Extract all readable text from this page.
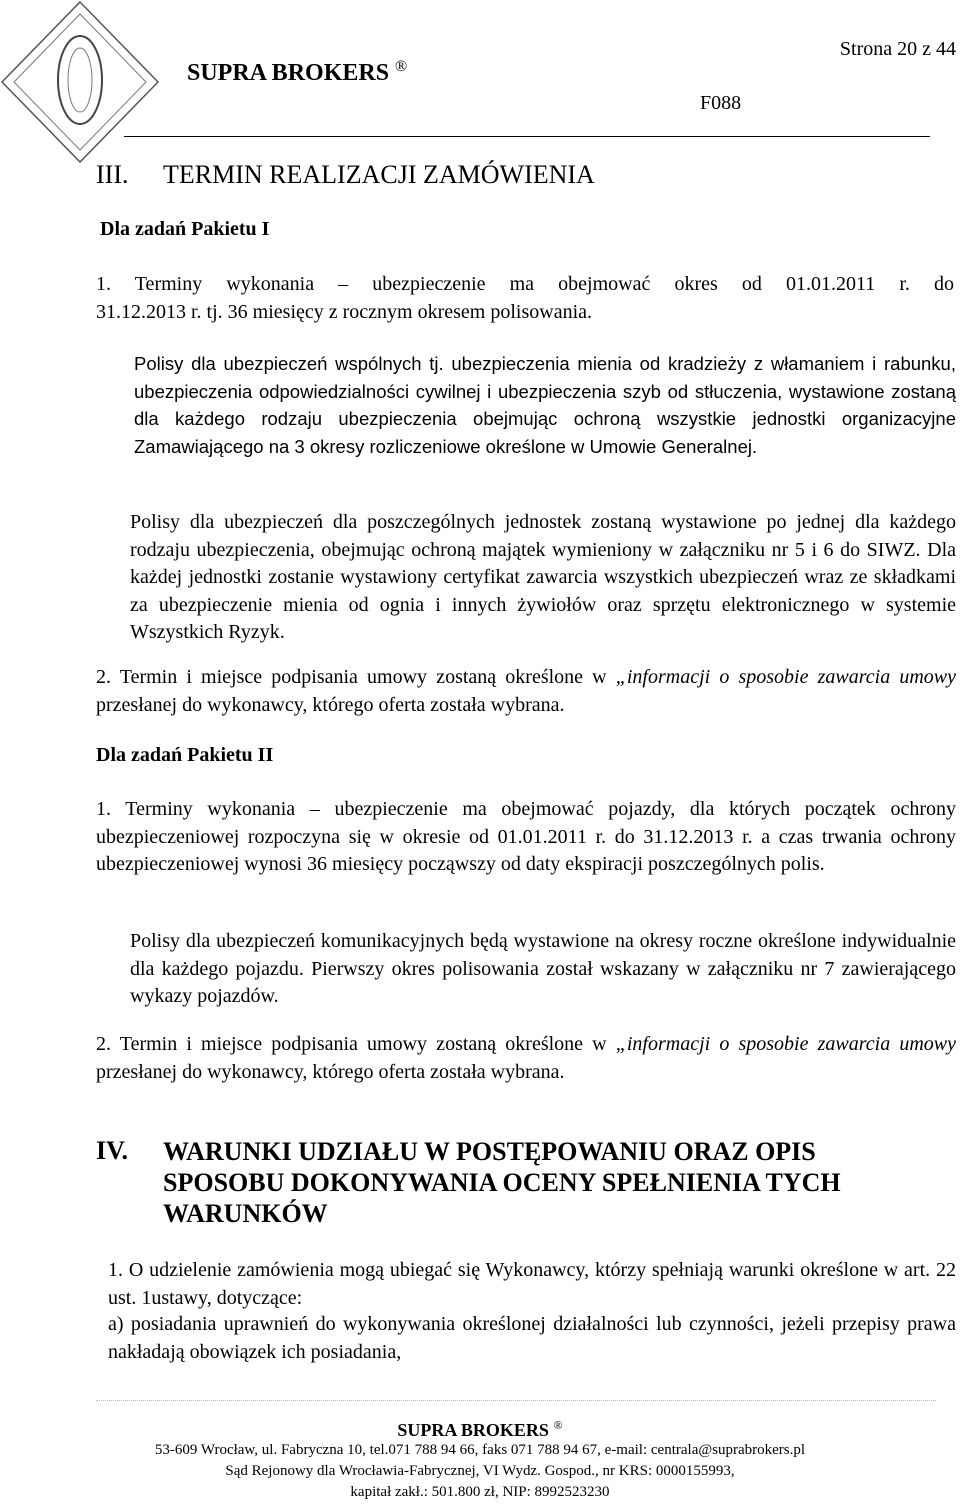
Strona 20 z 44
SUPRA BROKERS ®
F088
III. TERMIN REALIZACJI ZAMÓWIENIA
Dla zadań Pakietu I
1. Terminy wykonania – ubezpieczenie ma obejmować okres od 01.01.2011 r. do
31.12.2013 r. tj. 36 miesięcy z rocznym okresem polisowania.
Polisy dla ubezpieczeń wspólnych tj. ubezpieczenia mienia od kradzieży z włamaniem i rabunku, ubezpieczenia odpowiedzialności cywilnej i ubezpieczenia szyb od stłuczenia, wystawione zostaną dla każdego rodzaju ubezpieczenia obejmując ochroną wszystkie jednostki organizacyjne Zamawiającego na 3 okresy rozliczeniowe określone w Umowie Generalnej.
Polisy dla ubezpieczeń dla poszczególnych jednostek zostaną wystawione po jednej dla każdego rodzaju ubezpieczenia, obejmując ochroną majątek wymieniony w załączniku nr 5 i 6 do SIWZ. Dla każdej jednostki zostanie wystawiony certyfikat zawarcia wszystkich ubezpieczeń wraz ze składkami za ubezpieczenie mienia od ognia i innych żywiołów oraz sprzętu elektronicznego w systemie Wszystkich Ryzyk.
2. Termin i miejsce podpisania umowy zostaną określone w „informacji o sposobie zawarcia umowy przesłanej do wykonawcy, którego oferta została wybrana.
Dla zadań Pakietu II
1. Terminy wykonania – ubezpieczenie ma obejmować pojazdy, dla których początek ochrony ubezpieczeniowej rozpoczyna się w okresie od 01.01.2011 r. do 31.12.2013 r. a czas trwania ochrony ubezpieczeniowej wynosi 36 miesięcy począwszy od daty ekspiracji poszczególnych polis.
Polisy dla ubezpieczeń komunikacyjnych będą wystawione na okresy roczne określone indywidualnie dla każdego pojazdu. Pierwszy okres polisowania został wskazany w załączniku nr 7 zawierającego wykazy pojazdów.
2. Termin i miejsce podpisania umowy zostaną określone w „informacji o sposobie zawarcia umowy przesłanej do wykonawcy, którego oferta została wybrana.
IV. WARUNKI UDZIAŁU W POSTĘPOWANIU ORAZ OPIS
SPOSOBU DOKONYWANIA OCENY SPEŁNIENIA TYCH
WARUNKÓW
1. O udzielenie zamówienia mogą ubiegać się Wykonawcy, którzy spełniają warunki określone w art. 22 ust. 1ustawy, dotyczące:
a) posiadania uprawnień do wykonywania określonej działalności lub czynności, jeżeli przepisy prawa nakładają obowiązek ich posiadania,
SUPRA BROKERS ®
53-609 Wrocław, ul. Fabryczna 10, tel.071 788 94 66, faks 071 788 94 67, e-mail: centrala@suprabrokers.pl
Sąd Rejonowy dla Wrocławia-Fabrycznej, VI Wydz. Gospod., nr KRS: 0000155993,
kapitał zakł.: 501.800 zł, NIP: 8992523230
